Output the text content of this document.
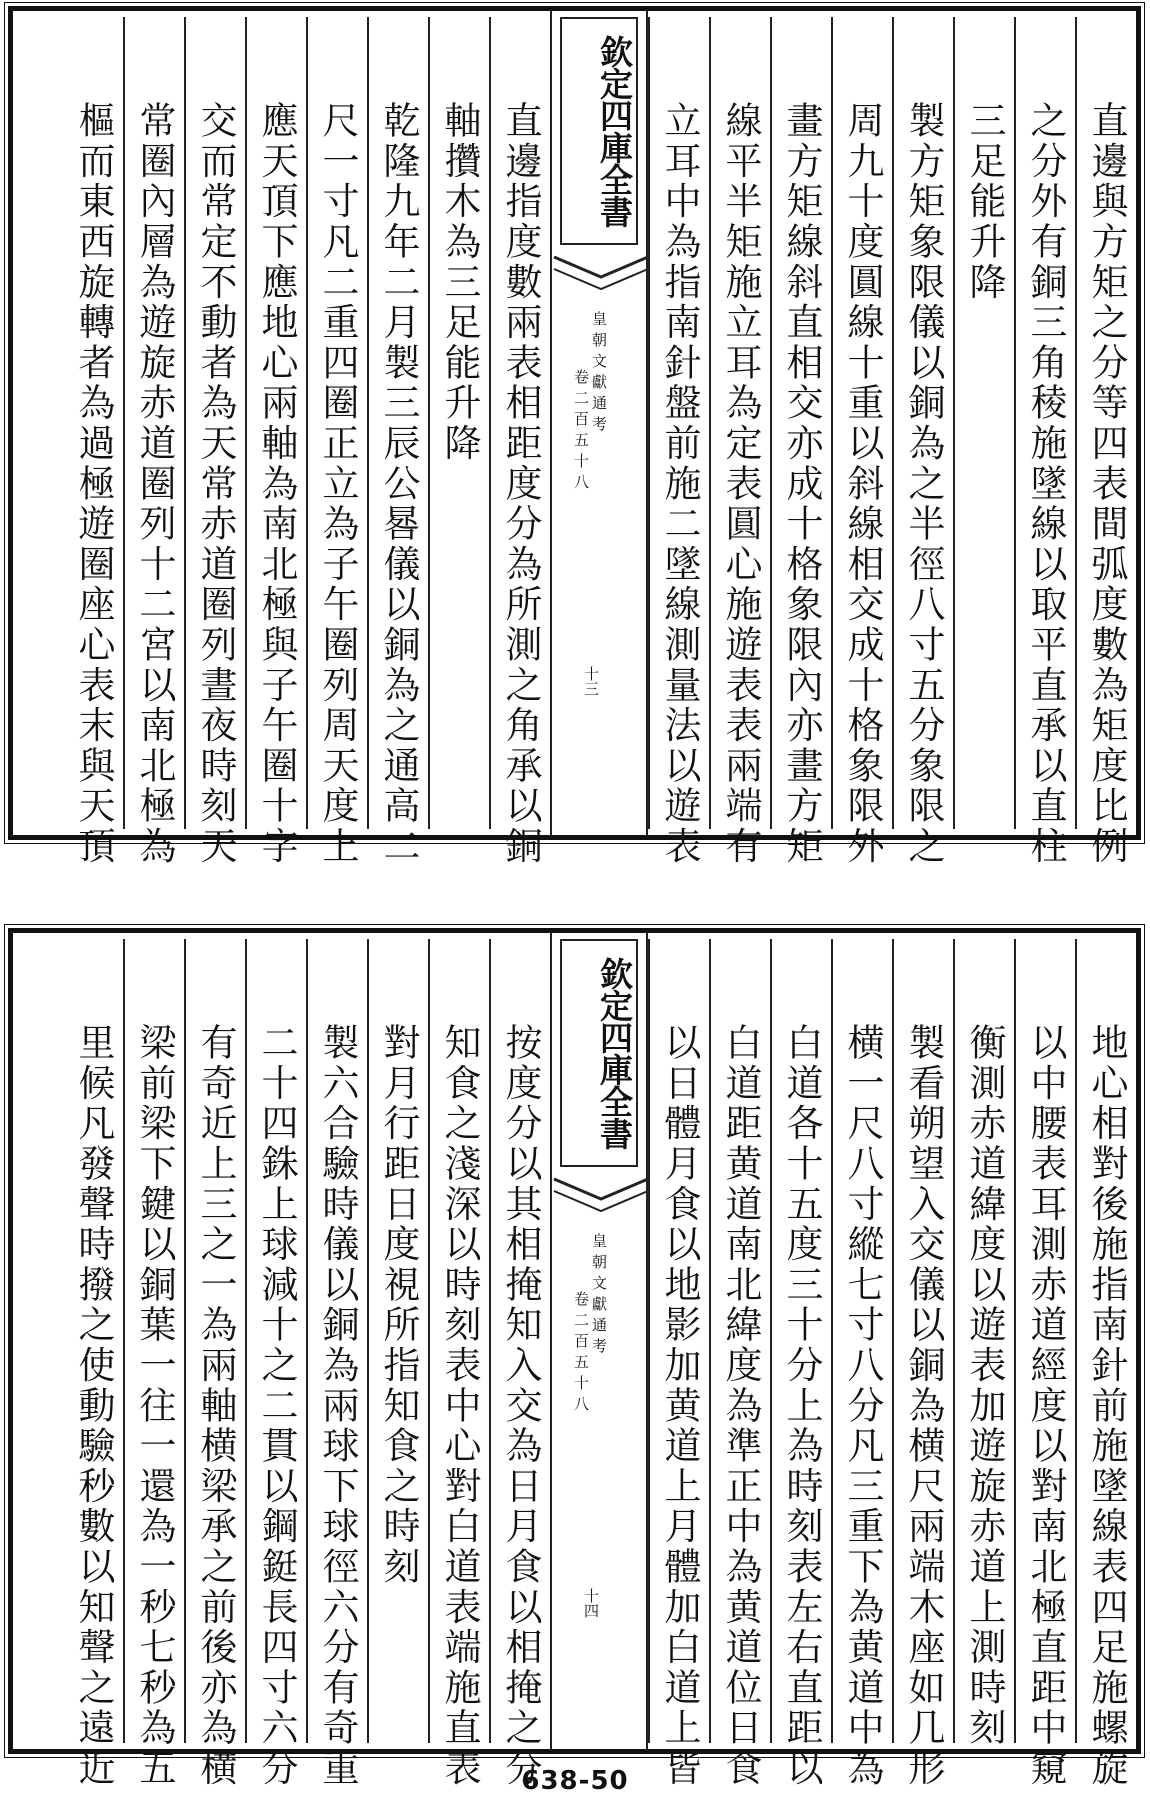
直邊與方矩之分等四表間弧度數為矩度比例
之分外有銅三角稜施墜線以取平直承以直柱
三足能升降
製方矩象限儀以銅為之半徑八寸五分象限之
周九十度圓線十重以斜線相交成十格象限外
畫方矩線斜直相交亦成十格象限內亦畫方矩
線平半矩施立耳為定表圓心施遊表表兩端有
立耳中為指南針盤前施二墜線測量法以遊表
欽定四庫全書
皇朝文獻通考
卷二百五十八
十三
直邊指度數兩表相距度分為所測之角承以銅
軸攢木為三足能升降
乾隆九年二月製三辰公晷儀以銅為之通高二
尺一寸凡二重四圈正立為子午圈列周天度上
應天頂下應地心兩軸為南北極與子午圈十字
交而常定不動者為天常赤道圈列晝夜時刻天
常圈內層為遊旋赤道圈列十二宮以南北極為
樞而東西旋轉者為過極遊圈座心表末與天頂
地心相對後施指南針前施墜線表四足施螺旋
以中腰表耳測赤道經度以對南北極直距中窺
衡測赤道緯度以遊表加遊旋赤道上測時刻
製看朔望入交儀以銅為横尺兩端木座如几形
横一尺八寸縱七寸八分凡三重下為黄道中為
白道各十五度三十分上為時刻表左右直距以
白道距黄道南北緯度為準正中為黄道位日食
以日體月食以地影加黄道上月體加白道上皆
欽定四庫全書
皇朝文獻通考
卷二百五十八
十四
按度分以其相掩知入交為日月食以相掩之分
知食之淺深以時刻表中心對白道表端施直表
對月行距日度視所指知食之時刻
製六合驗時儀以銅為兩球下球徑六分有奇重
二十四銖上球減十之二貫以鋼鋌長四寸六分
有奇近上三之一為兩軸横梁承之前後亦為横
梁前梁下鍵以銅葉一往一還為一秒七秒為五
里候凡發聲時撥之使動驗秒數以知聲之遠近	638-50
